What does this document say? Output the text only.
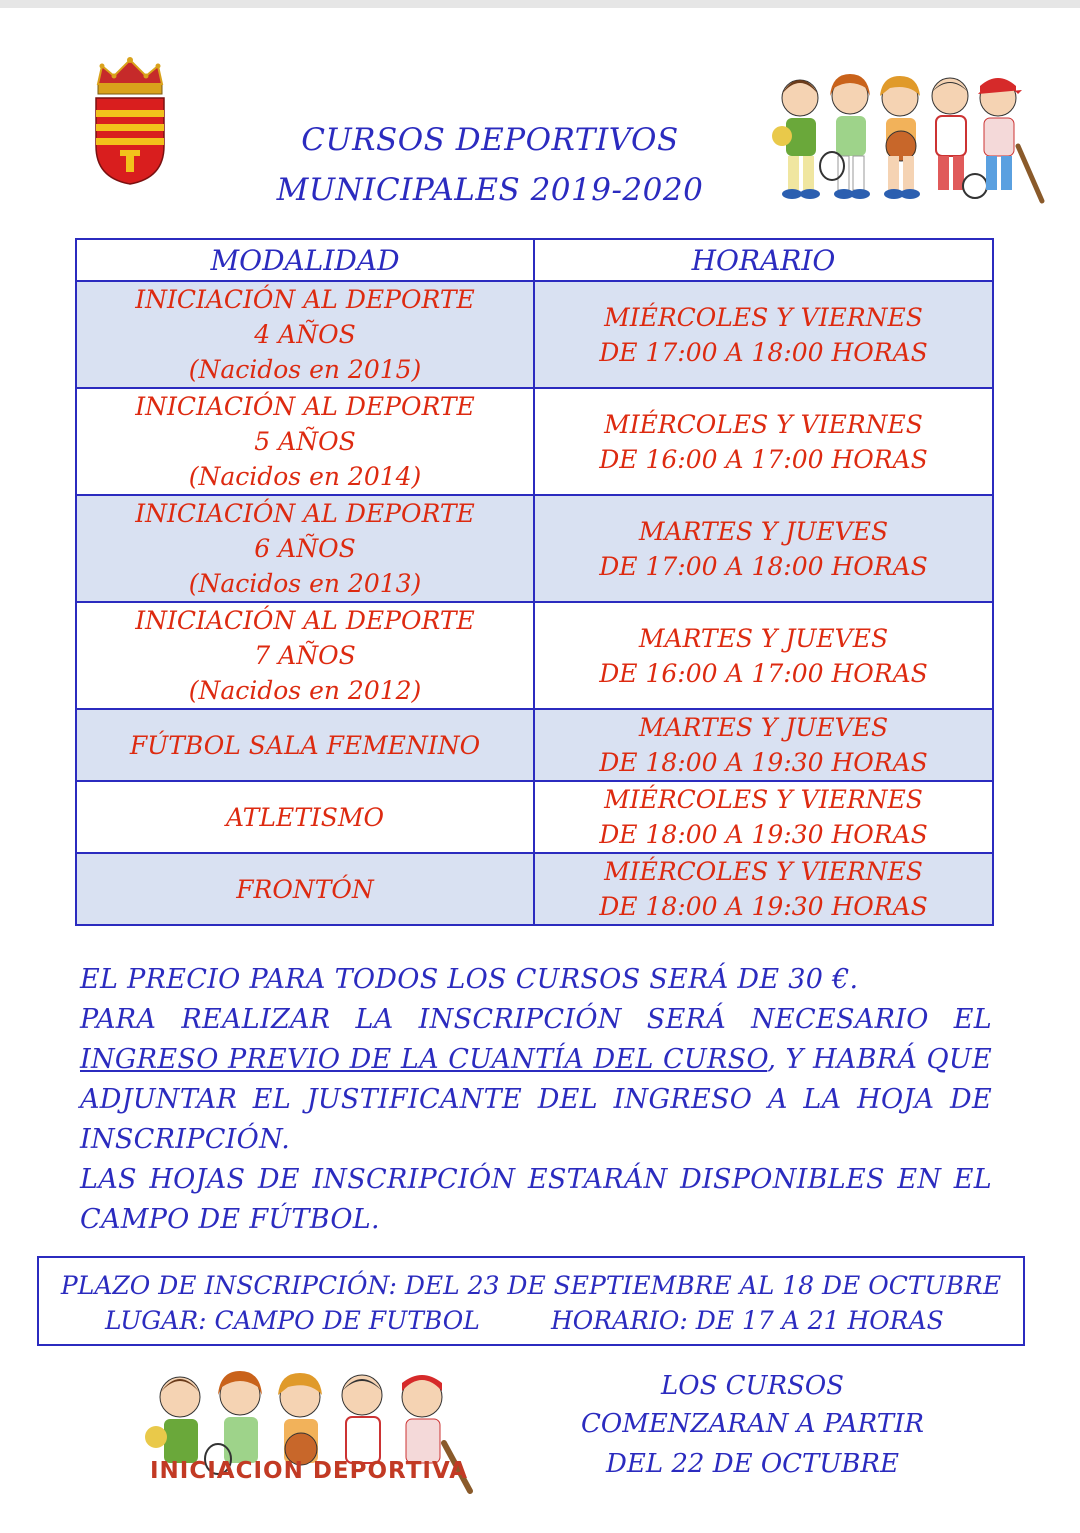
CURSOS DEPORTIVOS
MUNICIPALES 2019-2020
MODALIDAD	HORARIO

INICIACIÓN AL DEPORTE
4 AÑOS
(Nacidos en 2015)	MIÉRCOLES Y VIERNES
DE 17:00 A 18:00 HORAS

INICIACIÓN AL DEPORTE
5 AÑOS
(Nacidos en 2014)	MIÉRCOLES Y VIERNES
DE 16:00 A 17:00 HORAS

INICIACIÓN AL DEPORTE
6 AÑOS
(Nacidos en 2013)	MARTES Y JUEVES
DE 17:00 A 18:00 HORAS

INICIACIÓN AL DEPORTE
7 AÑOS
(Nacidos en 2012)	MARTES Y JUEVES
DE 16:00 A 17:00 HORAS

FÚTBOL SALA FEMENINO	MARTES Y JUEVES
DE 18:00 A 19:30 HORAS

ATLETISMO	MIÉRCOLES Y VIERNES
DE 18:00 A 19:30 HORAS

FRONTÓN	MIÉRCOLES Y VIERNES
DE 18:00 A 19:30 HORAS

EL PRECIO PARA TODOS LOS CURSOS SERÁ DE 30 €.

PARA REALIZAR LA INSCRIPCIÓN SERÁ NECESARIO EL INGRESO PREVIO DE LA CUANTÍA DEL CURSO, Y HABRÁ QUE ADJUNTAR EL JUSTIFICANTE DEL INGRESO A LA HOJA DE INSCRIPCIÓN.

LAS HOJAS DE INSCRIPCIÓN ESTARÁN DISPONIBLES EN EL CAMPO DE FÚTBOL.

PLAZO DE INSCRIPCIÓN: DEL 23 DE SEPTIEMBRE AL 18 DE OCTUBRE
LUGAR: CAMPO DE FUTBOL	HORARIO: DE 17 A 21 HORAS
INICIACION DEPORTIVA
LOS CURSOS
COMENZARAN A PARTIR
DEL 22 DE OCTUBRE
